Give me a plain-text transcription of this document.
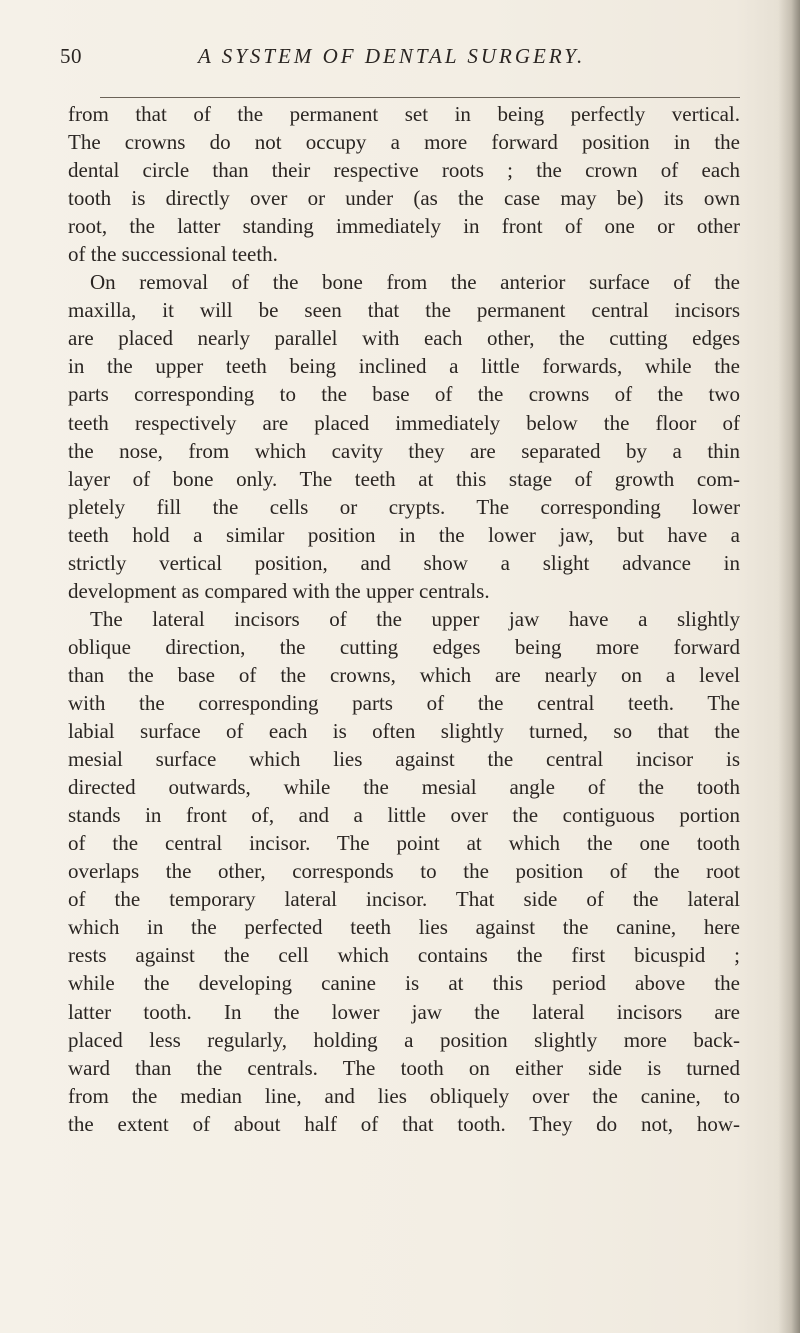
50	A SYSTEM OF DENTAL SURGERY.
from that of the permanent set in being perfectly vertical.
The crowns do not occupy a more forward position in the
dental circle than their respective roots ; the crown of each
tooth is directly over or under (as the case may be) its own
root, the latter standing immediately in front of one or other
of the successional teeth.
On removal of the bone from the anterior surface of the
maxilla, it will be seen that the permanent central incisors
are placed nearly parallel with each other, the cutting edges
in the upper teeth being inclined a little forwards, while the
parts corresponding to the base of the crowns of the two
teeth respectively are placed immediately below the floor of
the nose, from which cavity they are separated by a thin
layer of bone only. The teeth at this stage of growth com-
pletely fill the cells or crypts. The corresponding lower
teeth hold a similar position in the lower jaw, but have a
strictly vertical position, and show a slight advance in
development as compared with the upper centrals.
The lateral incisors of the upper jaw have a slightly
oblique direction, the cutting edges being more forward
than the base of the crowns, which are nearly on a level
with the corresponding parts of the central teeth. The
labial surface of each is often slightly turned, so that the
mesial surface which lies against the central incisor is
directed outwards, while the mesial angle of the tooth
stands in front of, and a little over the contiguous portion
of the central incisor. The point at which the one tooth
overlaps the other, corresponds to the position of the root
of the temporary lateral incisor. That side of the lateral
which in the perfected teeth lies against the canine, here
rests against the cell which contains the first bicuspid ;
while the developing canine is at this period above the
latter tooth. In the lower jaw the lateral incisors are
placed less regularly, holding a position slightly more back-
ward than the centrals. The tooth on either side is turned
from the median line, and lies obliquely over the canine, to
the extent of about half of that tooth. They do not, how-
